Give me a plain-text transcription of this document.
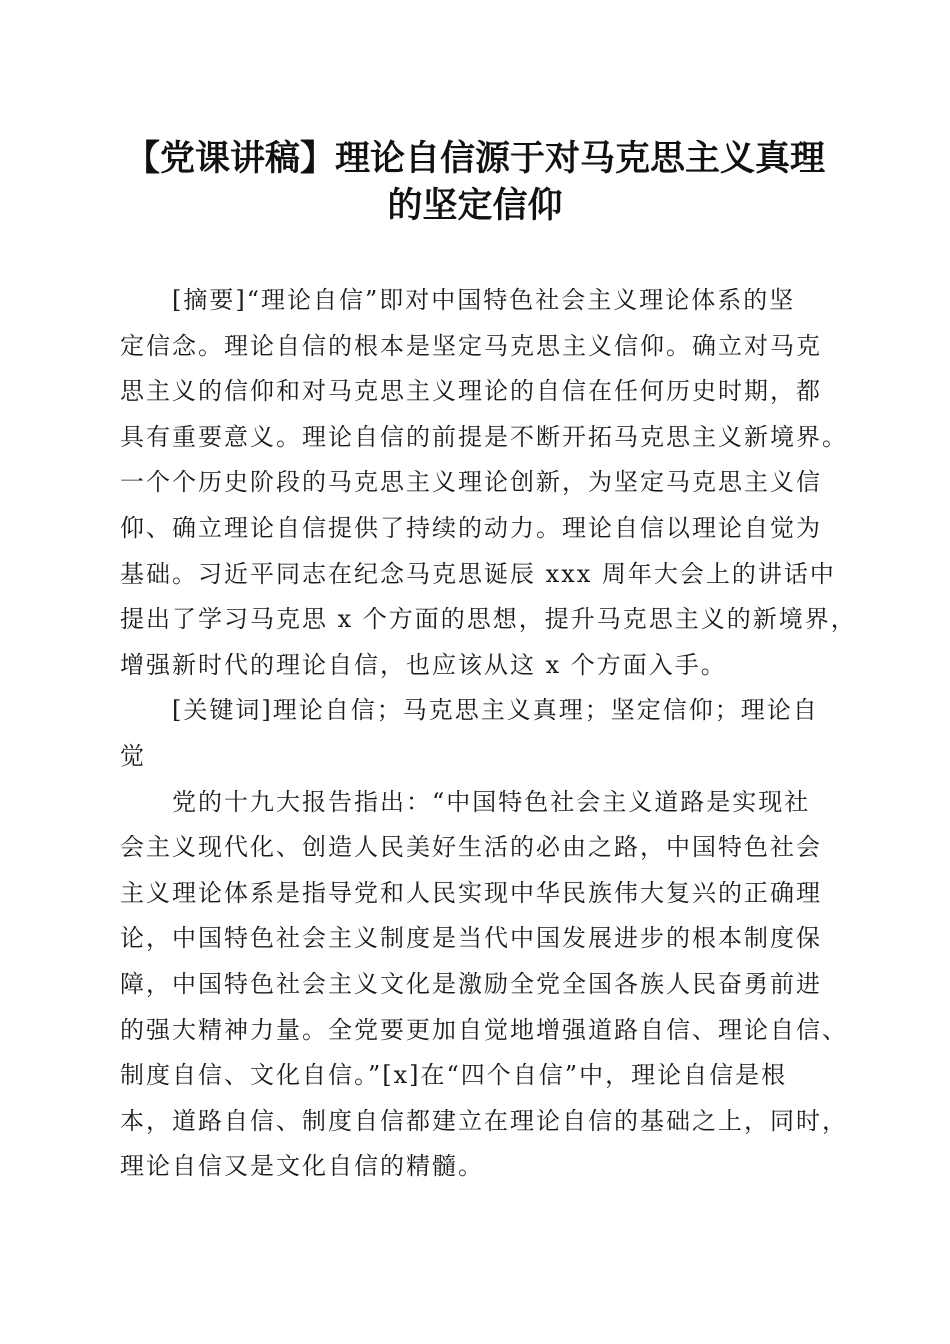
【党课讲稿】理论自信源于对马克思主义真理
的坚定信仰
[摘要]“理论自信”即对中国特色社会主义理论体系的坚
定信念。理论自信的根本是坚定马克思主义信仰。确立对马克
思主义的信仰和对马克思主义理论的自信在任何历史时期，都
具有重要意义。理论自信的前提是不断开拓马克思主义新境界。
一个个历史阶段的马克思主义理论创新，为坚定马克思主义信
仰、确立理论自信提供了持续的动力。理论自信以理论自觉为
基础。习近平同志在纪念马克思诞辰 xxx 周年大会上的讲话中
提出了学习马克思 x 个方面的思想，提升马克思主义的新境界，
增强新时代的理论自信，也应该从这 x 个方面入手。
[关键词]理论自信；马克思主义真理；坚定信仰；理论自
觉
党的十九大报告指出：“中国特色社会主义道路是实现社
会主义现代化、创造人民美好生活的必由之路，中国特色社会
主义理论体系是指导党和人民实现中华民族伟大复兴的正确理
论，中国特色社会主义制度是当代中国发展进步的根本制度保
障，中国特色社会主义文化是激励全党全国各族人民奋勇前进
的强大精神力量。全党要更加自觉地增强道路自信、理论自信、
制度自信、文化自信。”[x]在“四个自信”中，理论自信是根
本，道路自信、制度自信都建立在理论自信的基础之上，同时，
理论自信又是文化自信的精髓。
